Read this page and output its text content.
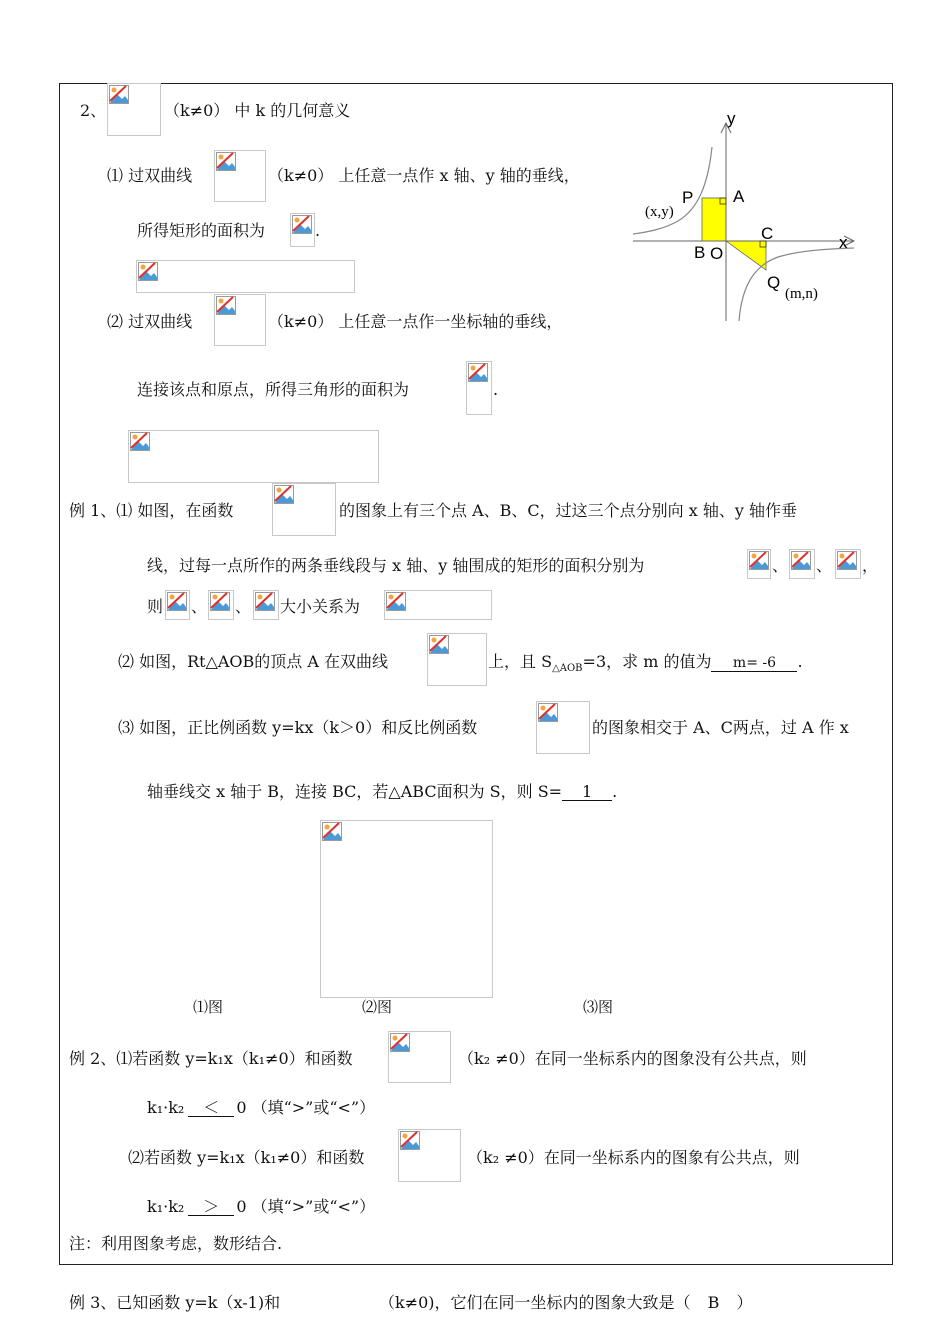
2、	（k≠0） 中 k 的几何意义
⑴ 过双曲线	（k≠0） 上任意一点作 x 轴、y 轴的垂线，
所得矩形的面积为	.
⑵ 过双曲线	（k≠0） 上任意一点作一坐标轴的垂线，
连接该点和原点，所得三角形的面积为	.
y
x
P A
(x,y)
C
B O
Q
(m,n)
例 1、⑴ 如图，在函数	的图象上有三个点 A、B、C，过这三个点分别向 x 轴、y 轴作垂
线，过每一点所作的两条垂线段与 x 轴、y 轴围成的矩形的面积分别为	、 、 ，
则 、 、 大小关系为
⑵ 如图，Rt△AOB的顶点 A 在双曲线	上，且 $S_{\triangle AOB}=3$，求 m 的值为 m= -6 .
⑶ 如图，正比例函数 y=kx（k＞0）和反比例函数	的图象相交于 A、C两点，过 A 作 x
轴垂线交 x 轴于 B，连接 BC，若△ABC面积为 S，则 S= 1 .
⑴图	⑵图	⑶图
例 2、⑴若函数 y=k₁x（k₁≠0）和函数	（k₂ ≠0）在同一坐标系内的图象没有公共点，则
k₁·k₂ ＜ 0 （填“>”或“<”）
⑵若函数 y=k₁x（k₁≠0）和函数	（k₂ ≠0）在同一坐标系内的图象有公共点，则
k₁·k₂ ＞ 0 （填“>”或“<”）
注：利用图象考虑，数形结合.
例 3、已知函数 y=k（x-1)和	（k≠0)，它们在同一坐标内的图象大致是（ B ）
